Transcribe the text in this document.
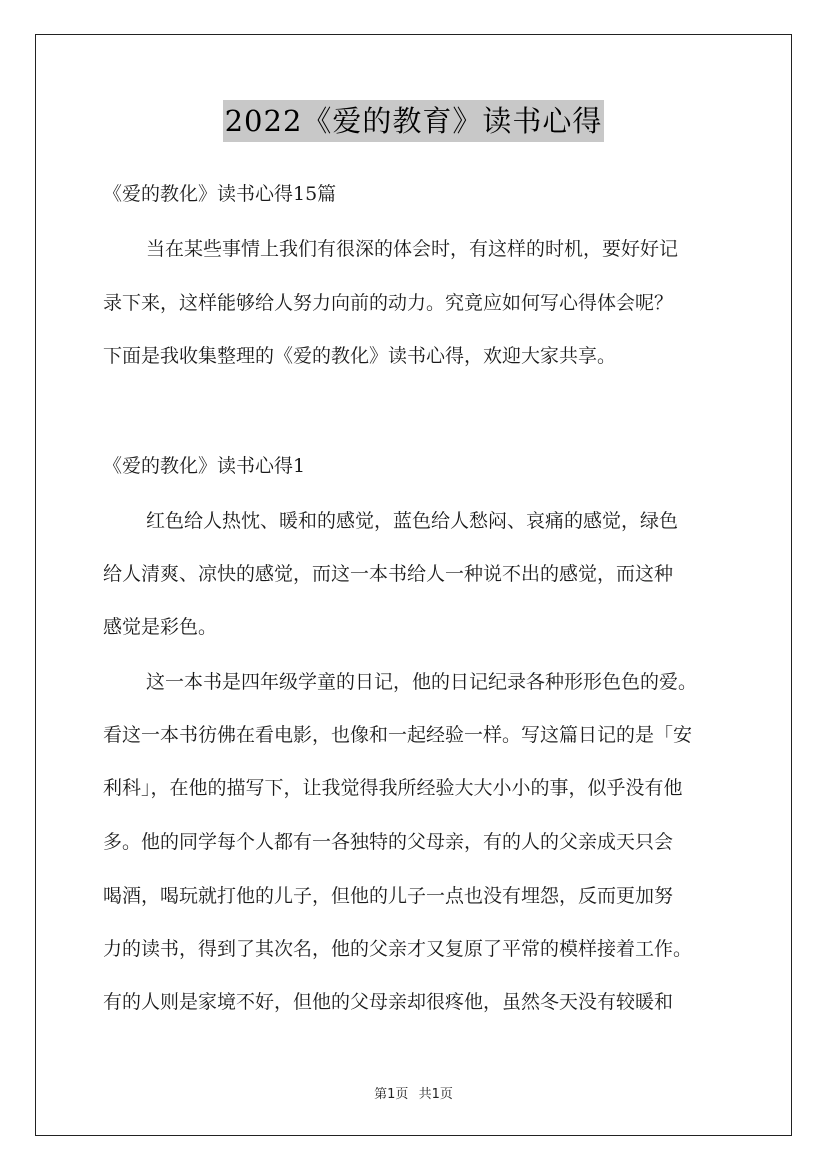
2022《爱的教育》读书心得
《爱的教化》读书心得15篇
当在某些事情上我们有很深的体会时，有这样的时机，要好好记
录下来，这样能够给人努力向前的动力。究竟应如何写心得体会呢？
下面是我收集整理的《爱的教化》读书心得，欢迎大家共享。
《爱的教化》读书心得1
红色给人热忱、暖和的感觉，蓝色给人愁闷、哀痛的感觉，绿色
给人清爽、凉快的感觉，而这一本书给人一种说不出的感觉，而这种
感觉是彩色。
这一本书是四年级学童的日记，他的日记纪录各种形形色色的爱。
看这一本书彷佛在看电影，也像和一起经验一样。写这篇日记的是「安
利科」，在他的描写下，让我觉得我所经验大大小小的事，似乎没有他
多。他的同学每个人都有一各独特的父母亲，有的人的父亲成天只会
喝酒，喝玩就打他的儿子，但他的儿子一点也没有埋怨，反而更加努
力的读书，得到了其次名，他的父亲才又复原了平常的模样接着工作。
有的人则是家境不好，但他的父母亲却很疼他，虽然冬天没有较暖和
第1页 共1页
